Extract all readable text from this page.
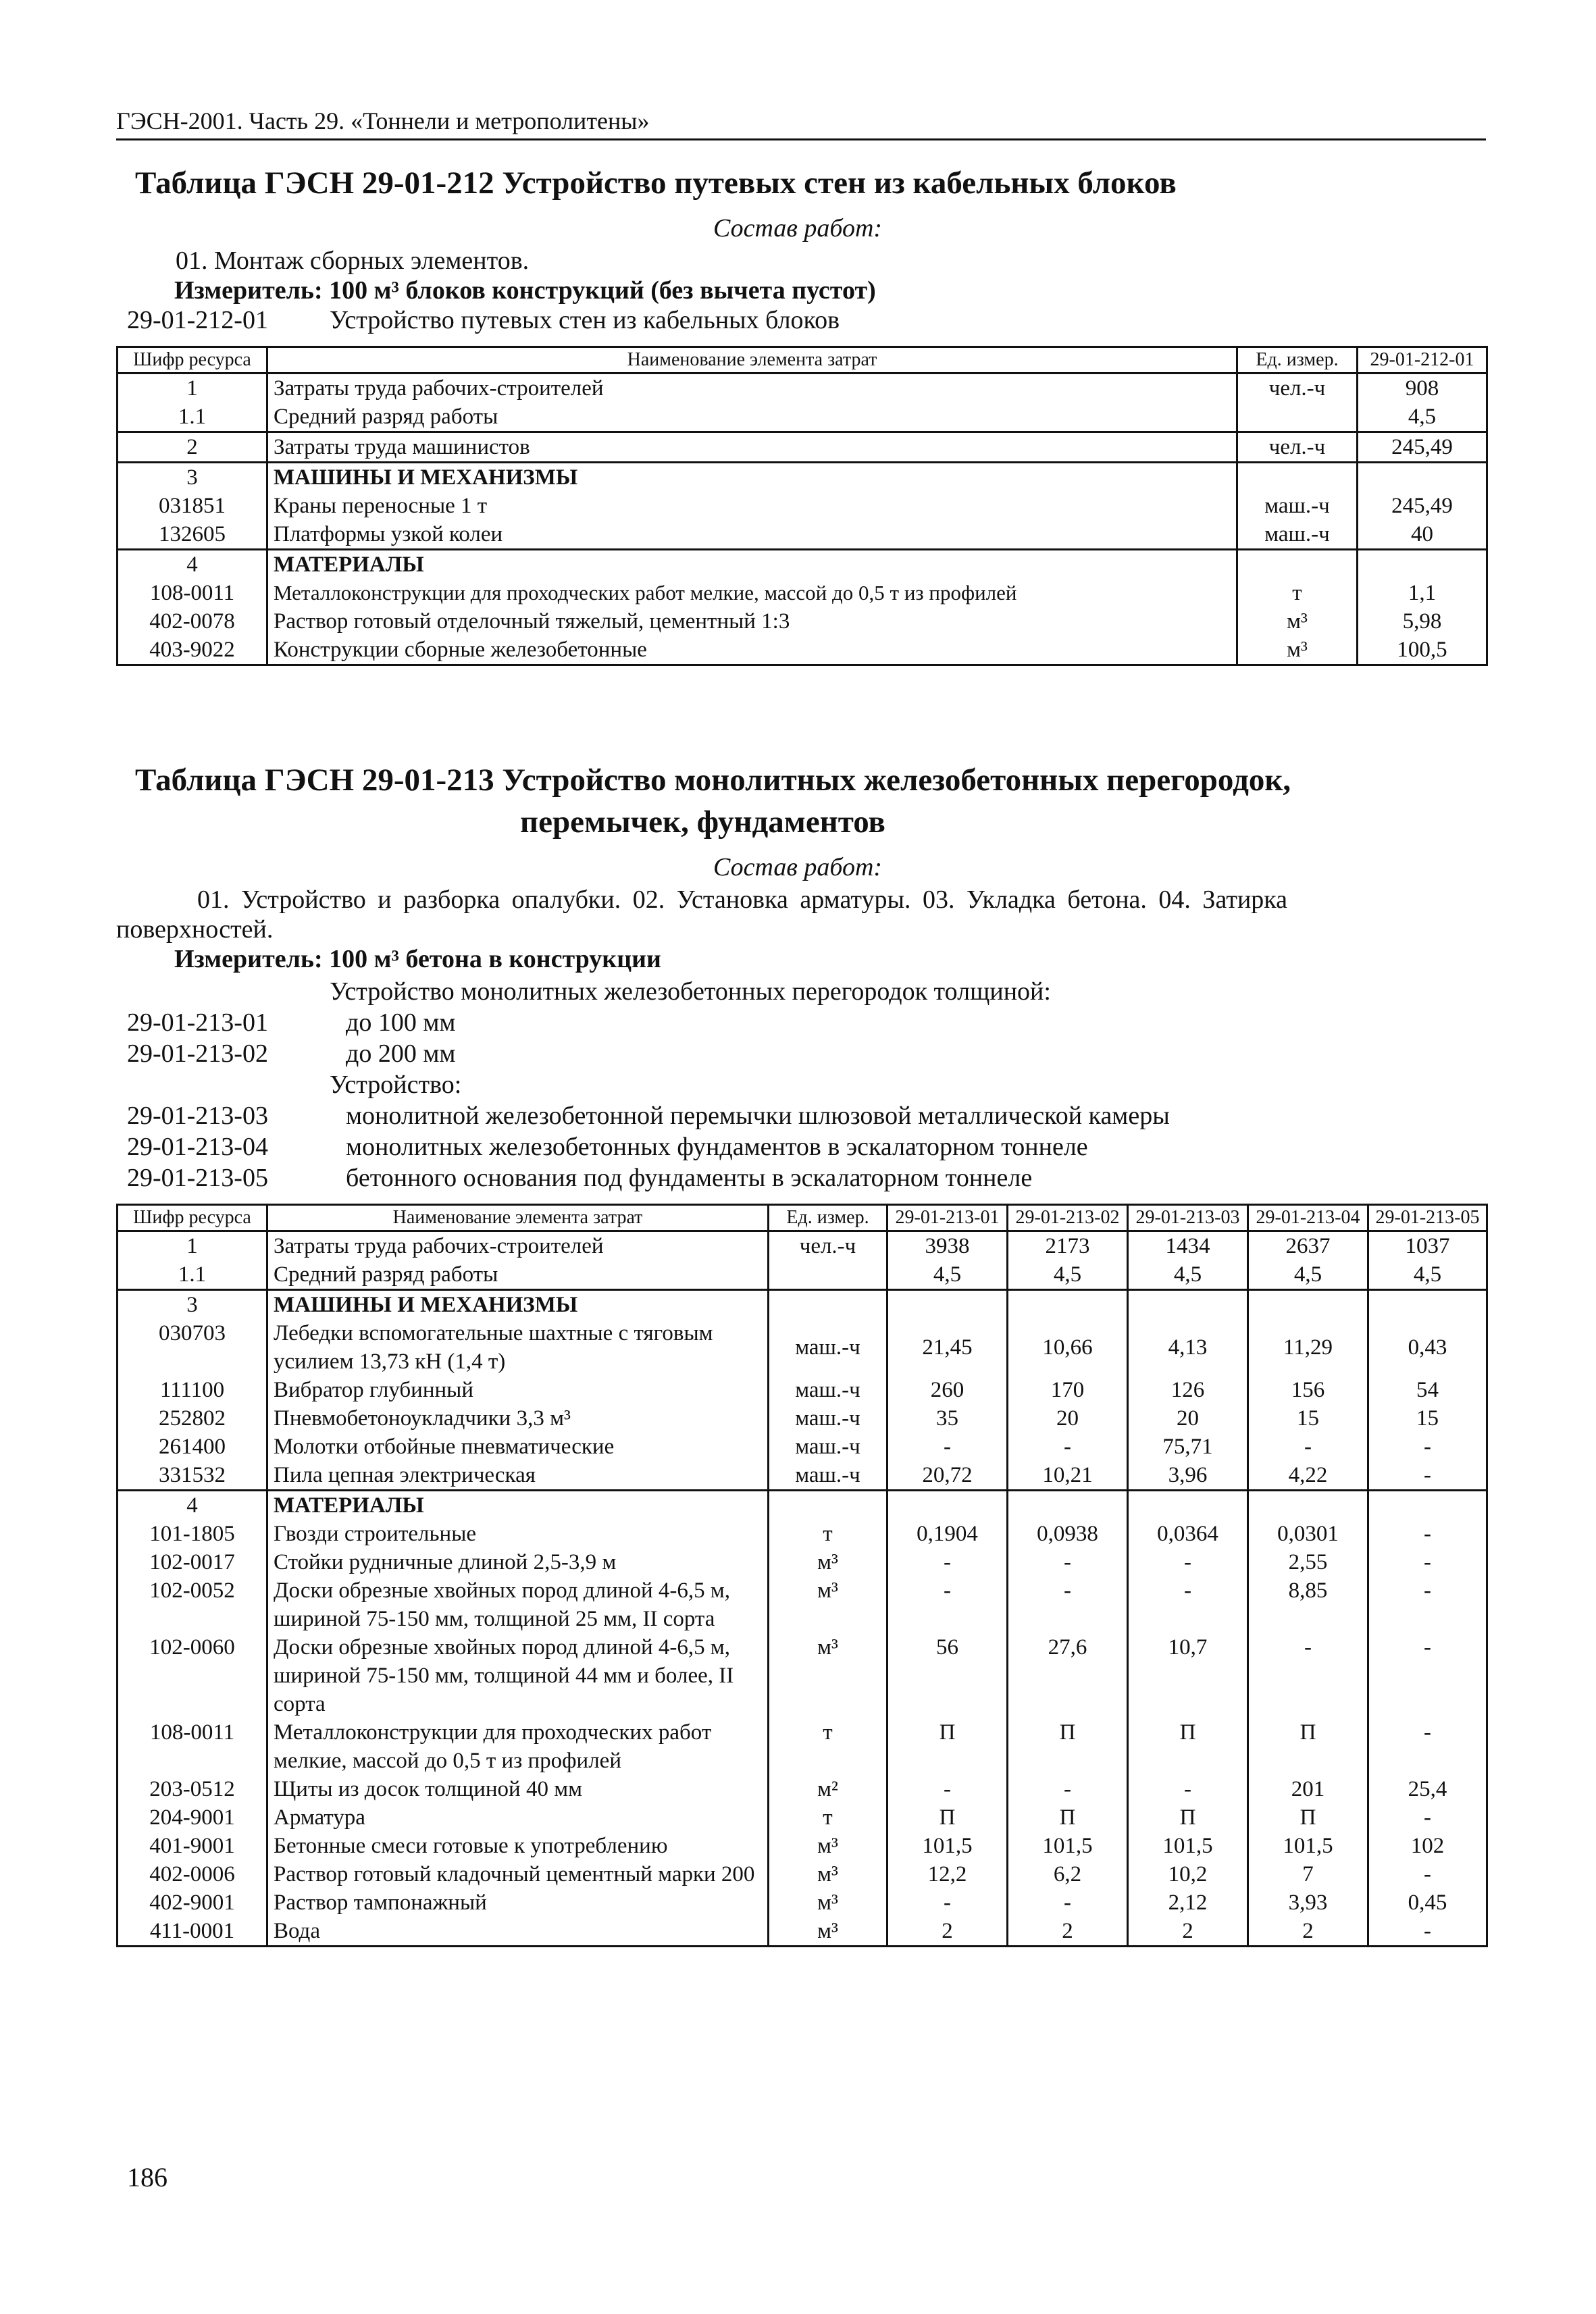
ГЭСН-2001. Часть 29. «Тоннели и метрополитены»
Таблица ГЭСН 29-01-212 Устройство путевых стен из кабельных блоков
Состав работ:
01. Монтаж сборных элементов.
Измеритель: 100 м³ блоков конструкций (без вычета пустот)
29-01-212-01 Устройство путевых стен из кабельных блоков
Шифр ресурса	Наименование элемента затрат	Ед. измер.	29-01-212-01
1	Затраты труда рабочих-строителей	чел.-ч	908
1.1	Средний разряд работы		4,5
2	Затраты труда машинистов	чел.-ч	245,49
3	МАШИНЫ И МЕХАНИЗМЫ		
031851	Краны переносные 1 т	маш.-ч	245,49
132605	Платформы узкой колеи	маш.-ч	40
4	МАТЕРИАЛЫ		
108-0011	Металлоконструкции для проходческих работ мелкие, массой до 0,5 т из профилей	т	1,1
402-0078	Раствор готовый отделочный тяжелый, цементный 1:3	м³	5,98
403-9022	Конструкции сборные железобетонные	м³	100,5
Таблица ГЭСН 29-01-213 Устройство монолитных железобетонных перегородок,
перемычек, фундаментов
Состав работ:
01. Устройство и разборка опалубки. 02. Установка арматуры. 03. Укладка бетона. 04. Затирка
поверхностей.
Измеритель: 100 м³ бетона в конструкции
Устройство монолитных железобетонных перегородок толщиной:
29-01-213-01	до 100 мм
29-01-213-02	до 200 мм
Устройство:
29-01-213-03	монолитной железобетонной перемычки шлюзовой металлической камеры
29-01-213-04	монолитных железобетонных фундаментов в эскалаторном тоннеле
29-01-213-05	бетонного основания под фундаменты в эскалаторном тоннеле
Шифр ресурса	Наименование элемента затрат	Ед. измер.	29-01-213-01	29-01-213-02	29-01-213-03	29-01-213-04	29-01-213-05
1	Затраты труда рабочих-строителей	чел.-ч	3938	2173	1434	2637	1037
1.1	Средний разряд работы		4,5	4,5	4,5	4,5	4,5
3	МАШИНЫ И МЕХАНИЗМЫ						
030703	Лебедки вспомогательные шахтные с тяговым усилием 13,73 кН (1,4 т)	маш.-ч	21,45	10,66	4,13	11,29	0,43
111100	Вибратор глубинный	маш.-ч	260	170	126	156	54
252802	Пневмобетоноукладчики 3,3 м³	маш.-ч	35	20	20	15	15
261400	Молотки отбойные пневматические	маш.-ч	-	-	75,71	-	-
331532	Пила цепная электрическая	маш.-ч	20,72	10,21	3,96	4,22	-
4	МАТЕРИАЛЫ						
101-1805	Гвозди строительные	т	0,1904	0,0938	0,0364	0,0301	-
102-0017	Стойки рудничные длиной 2,5-3,9 м	м³	-	-	-	2,55	-
102-0052	Доски обрезные хвойных пород длиной 4-6,5 м, шириной 75-150 мм, толщиной 25 мм, II сорта	м³	-	-	-	8,85	-
102-0060	Доски обрезные хвойных пород длиной 4-6,5 м, шириной 75-150 мм, толщиной 44 мм и более, II сорта	м³	56	27,6	10,7	-	-
108-0011	Металлоконструкции для проходческих работ мелкие, массой до 0,5 т из профилей	т	П	П	П	П	-
203-0512	Щиты из досок толщиной 40 мм	м²	-	-	-	201	25,4
204-9001	Арматура	т	П	П	П	П	-
401-9001	Бетонные смеси готовые к употреблению	м³	101,5	101,5	101,5	101,5	102
402-0006	Раствор готовый кладочный цементный марки 200	м³	12,2	6,2	10,2	7	-
402-9001	Раствор тампонажный	м³	-	-	2,12	3,93	0,45
411-0001	Вода	м³	2	2	2	2	-
186
